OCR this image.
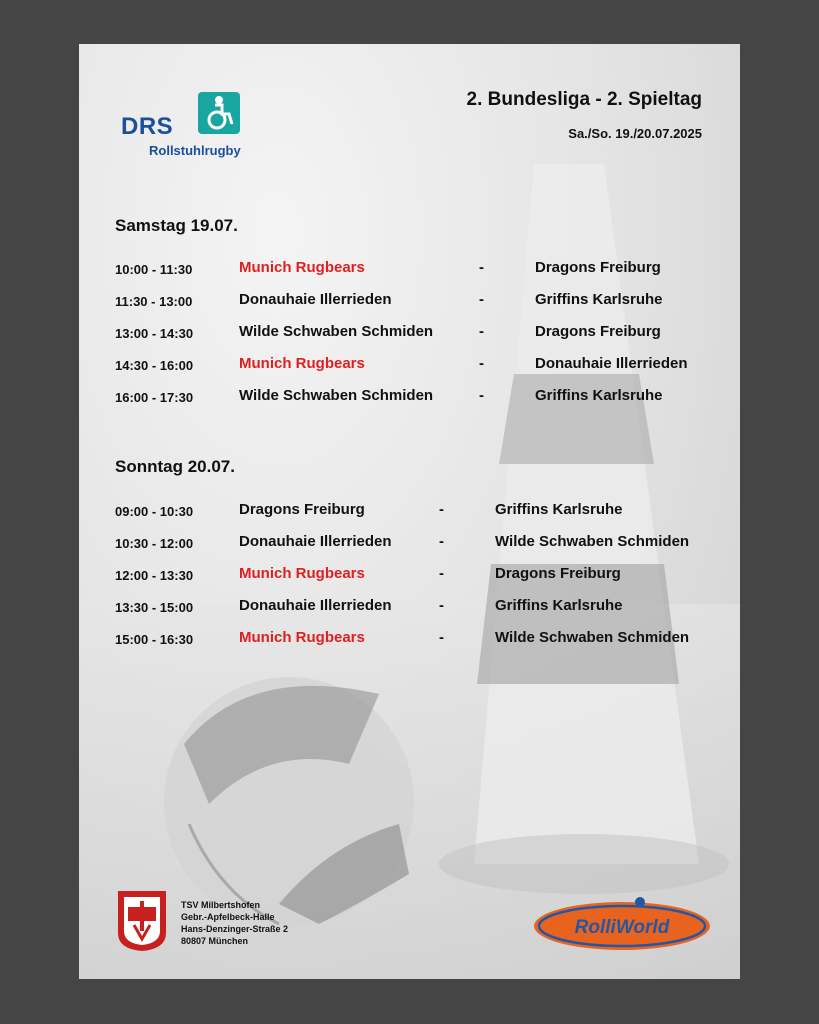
DRS
Rollstuhlrugby
2. Bundesliga - 2. Spieltag
Sa./So. 19./20.07.2025
Samstag 19.07.
10:00 - 11:30	Munich Rugbears	-	Dragons Freiburg
11:30 - 13:00	Donauhaie Illerrieden	-	Griffins Karlsruhe
13:00 - 14:30	Wilde Schwaben Schmiden	-	Dragons Freiburg
14:30 - 16:00	Munich Rugbears	-	Donauhaie Illerrieden
16:00 - 17:30	Wilde Schwaben Schmiden	-	Griffins Karlsruhe
Sonntag 20.07.
09:00 - 10:30	Dragons Freiburg	-	Griffins Karlsruhe
10:30 - 12:00	Donauhaie Illerrieden	-	Wilde Schwaben Schmiden
12:00 - 13:30	Munich Rugbears	-	Dragons Freiburg
13:30 - 15:00	Donauhaie Illerrieden	-	Griffins Karlsruhe
15:00 - 16:30	Munich Rugbears	-	Wilde Schwaben Schmiden
TSV Milbertshofen
Gebr.-Apfelbeck-Halle
Hans-Denzinger-Straße 2
80807 München
RolliWorld
